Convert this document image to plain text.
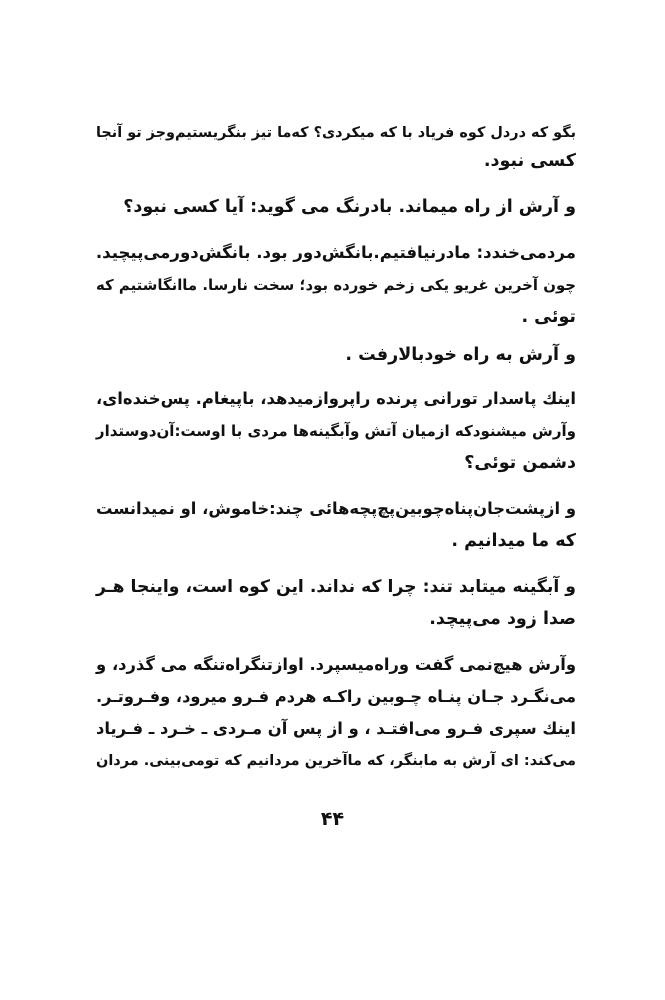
بگو که دردل کوه فریاد با که میکردی؟ که‌ما تیز بنگریستیم‌وجز تو آنجا
کسی نبود.
و آرش از راه میماند. بادرنگ می گوید: آیا کسی نبود؟
مردمی‌خندد: مادرنیافتیم.بانگش‌دور بود. بانگش‌دورمی‌پیچید.
چون آخرین غریو یکی زخم خورده بود؛ سخت نارسا. ماانگاشتیم که
توئی .
و آرش به راه خودبالارفت .
اینك پاسدار تورانی پرنده راپروازمیدهد، باپیغام. پس‌خنده‌ای،
وآرش میشنودکه ازمیان آتش وآبگینه‌ها مردی با اوست:آن‌دوستدار
دشمن توئی؟
و ازپشت‌جان‌پناه‌چوبین‌پچ‌پچه‌هائی چند:خاموش، او نمیدانست
که ما میدانیم .
و آبگینه میتابد تند: چرا که نداند. این کوه است، واینجا هـر
صدا زود می‌پیچد.
وآرش هیچ‌نمی گفت وراه‌میسپرد. اوازتنگراه‌تنگه می گذرد، و
می‌نگـرد جـان پنـاه چـوبین راکـه هردم فـرو میرود، وفـروتـر.
اینك سپری فـرو می‌افتـد ، و از پس آن مـردی ـ خـرد ـ فـریاد
می‌کند: ای آرش به مابنگر، که ماآخرین مردانیم که تومی‌بینی. مردان
۴۴
